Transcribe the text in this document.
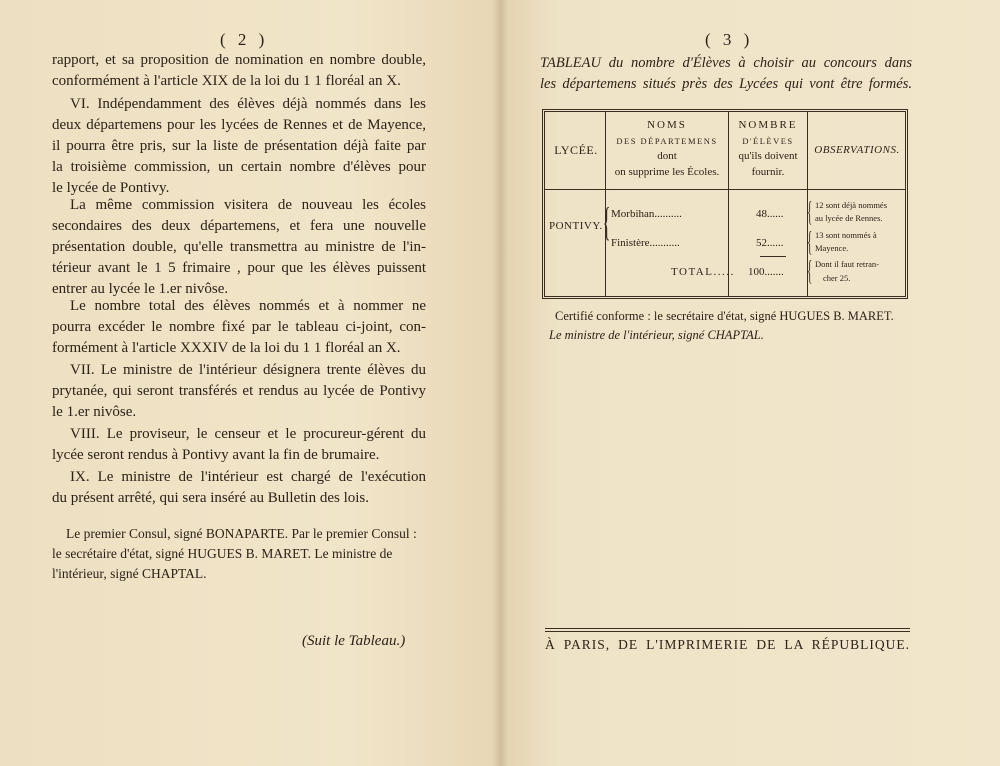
( 2 )
rapport, et sa proposition de nomination en nombre double,
conformément à l'article XIX de la loi du 1 1 floréal an X.
VI. Indépendamment des élèves déjà nommés dans les
deux départemens pour les lycées de Rennes et de Mayence,
il pourra être pris, sur la liste de présentation déjà faite par
la troisième commission, un certain nombre d'élèves pour
le lycée de Pontivy.
La même commission visitera de nouveau les écoles
secondaires des deux départemens, et fera une nouvelle
présentation double, qu'elle transmettra au ministre de l'in-
térieur avant le 1 5 frimaire , pour que les élèves puissent
entrer au lycée le 1.er nivôse.
Le nombre total des élèves nommés et à nommer ne
pourra excéder le nombre fixé par le tableau ci-joint, con-
formément à l'article XXXIV de la loi du 1 1 floréal an X.
VII. Le ministre de l'intérieur désignera trente élèves du
prytanée, qui seront transférés et rendus au lycée de Pontivy
le 1.er nivôse.
VIII. Le proviseur, le censeur et le procureur-gérent du
lycée seront rendus à Pontivy avant la fin de brumaire.
IX. Le ministre de l'intérieur est chargé de l'exécution
du présent arrêté, qui sera inséré au Bulletin des lois.
Le premier Consul, signé BONAPARTE. Par le premier Consul :
le secrétaire d'état, signé HUGUES B. MARET. Le ministre de
l'intérieur, signé CHAPTAL.
(Suit le Tableau.)
( 3 )
TABLEAU du nombre d'Élèves à choisir au concours dans
les départemens situés près des Lycées qui vont être formés.
LYCÉE.
NOMS
DES DÉPARTEMENS
dont
on supprime les Écoles.
NOMBRE
D'ÉLÈVES
qu'ils doivent
fournir.
OBSERVATIONS.
PONTIVY. { Morbihan..........	48...... { 12 sont déjà nommés
au lycée de Rennes.
Finistère...........	52...... { 13 sont nommés à
Mayence.
TOTAL..... 100....... { Dont il faut retran-
cher 25.
Certifié conforme : le secrétaire d'état, signé HUGUES B. MARET.
Le ministre de l'intérieur, signé CHAPTAL.
À PARIS, DE L'IMPRIMERIE DE LA RÉPUBLIQUE.
